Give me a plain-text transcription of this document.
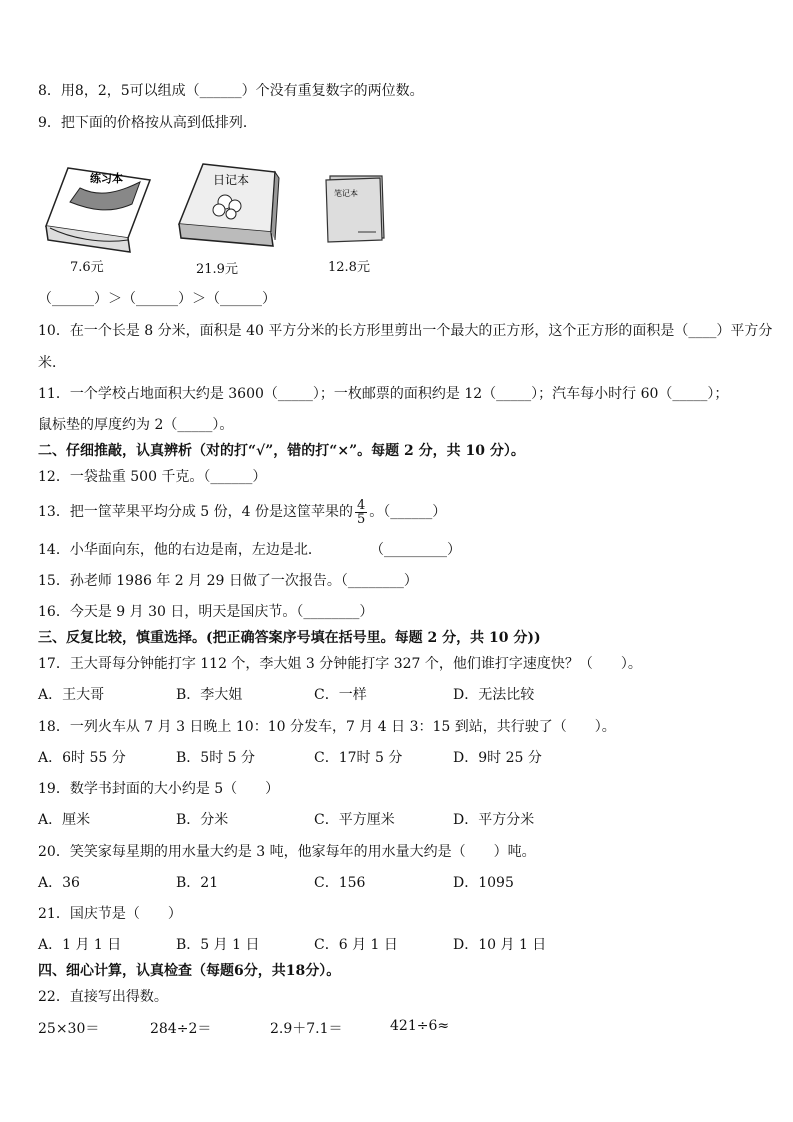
8．用8，2，5可以组成（______）个没有重复数字的两位数。
9．把下面的价格按从高到低排列．
练习本	日记本
笔记本
7.6元	21.9元	12.8元
（______）＞（______）＞（______）
10．在一个长是 8 分米，面积是 40 平方分米的长方形里剪出一个最大的正方形，这个正方形的面积是（____）平方分
米．
11．一个学校占地面积大约是 3600（_____）；一枚邮票的面积约是 12（_____）；汽车每小时行 60（_____）；
鼠标垫的厚度约为 2（_____）。
二、仔细推敲，认真辨析（对的打“√”，错的打“×”。每题 2 分，共 10 分）。
12．一袋盐重 500 千克。（______）
13．把一筐苹果平均分成 5 份，4 份是这筐苹果的 $\frac{4}{5}$ 。（______）
14．小华面向东，他的右边是南，左边是北．	（_________）
15．孙老师 1986 年 2 月 29 日做了一次报告。（________）
16．今天是 9 月 30 日，明天是国庆节。（________）
三、反复比较，慎重选择。(把正确答案序号填在括号里。每题 2 分，共 10 分))
17．王大哥每分钟能打字 112 个，李大姐 3 分钟能打字 327 个，他们谁打字速度快？（　　）。
A．王大哥	B．李大姐	C．一样	D．无法比较
18．一列火车从 7 月 3 日晚上 10：10 分发车，7 月 4 日 3：15 到站，共行驶了（　　）。
A．6时 55 分	B．5时 5 分	C．17时 5 分	D．9时 25 分
19．数学书封面的大小约是 5（　　）
A．厘米	B．分米	C．平方厘米	D．平方分米
20．笑笑家每星期的用水量大约是 3 吨，他家每年的用水量大约是（　　）吨。
A．36	B．21	C．156	D．1095
21．国庆节是（　　）
A．1 月 1 日	B．5 月 1 日	C．6 月 1 日	D．10 月 1 日
四、细心计算，认真检查（每题6分，共18分）。
22．直接写出得数。
25×30＝	284÷2＝	2.9＋7.1＝	421÷6≈
